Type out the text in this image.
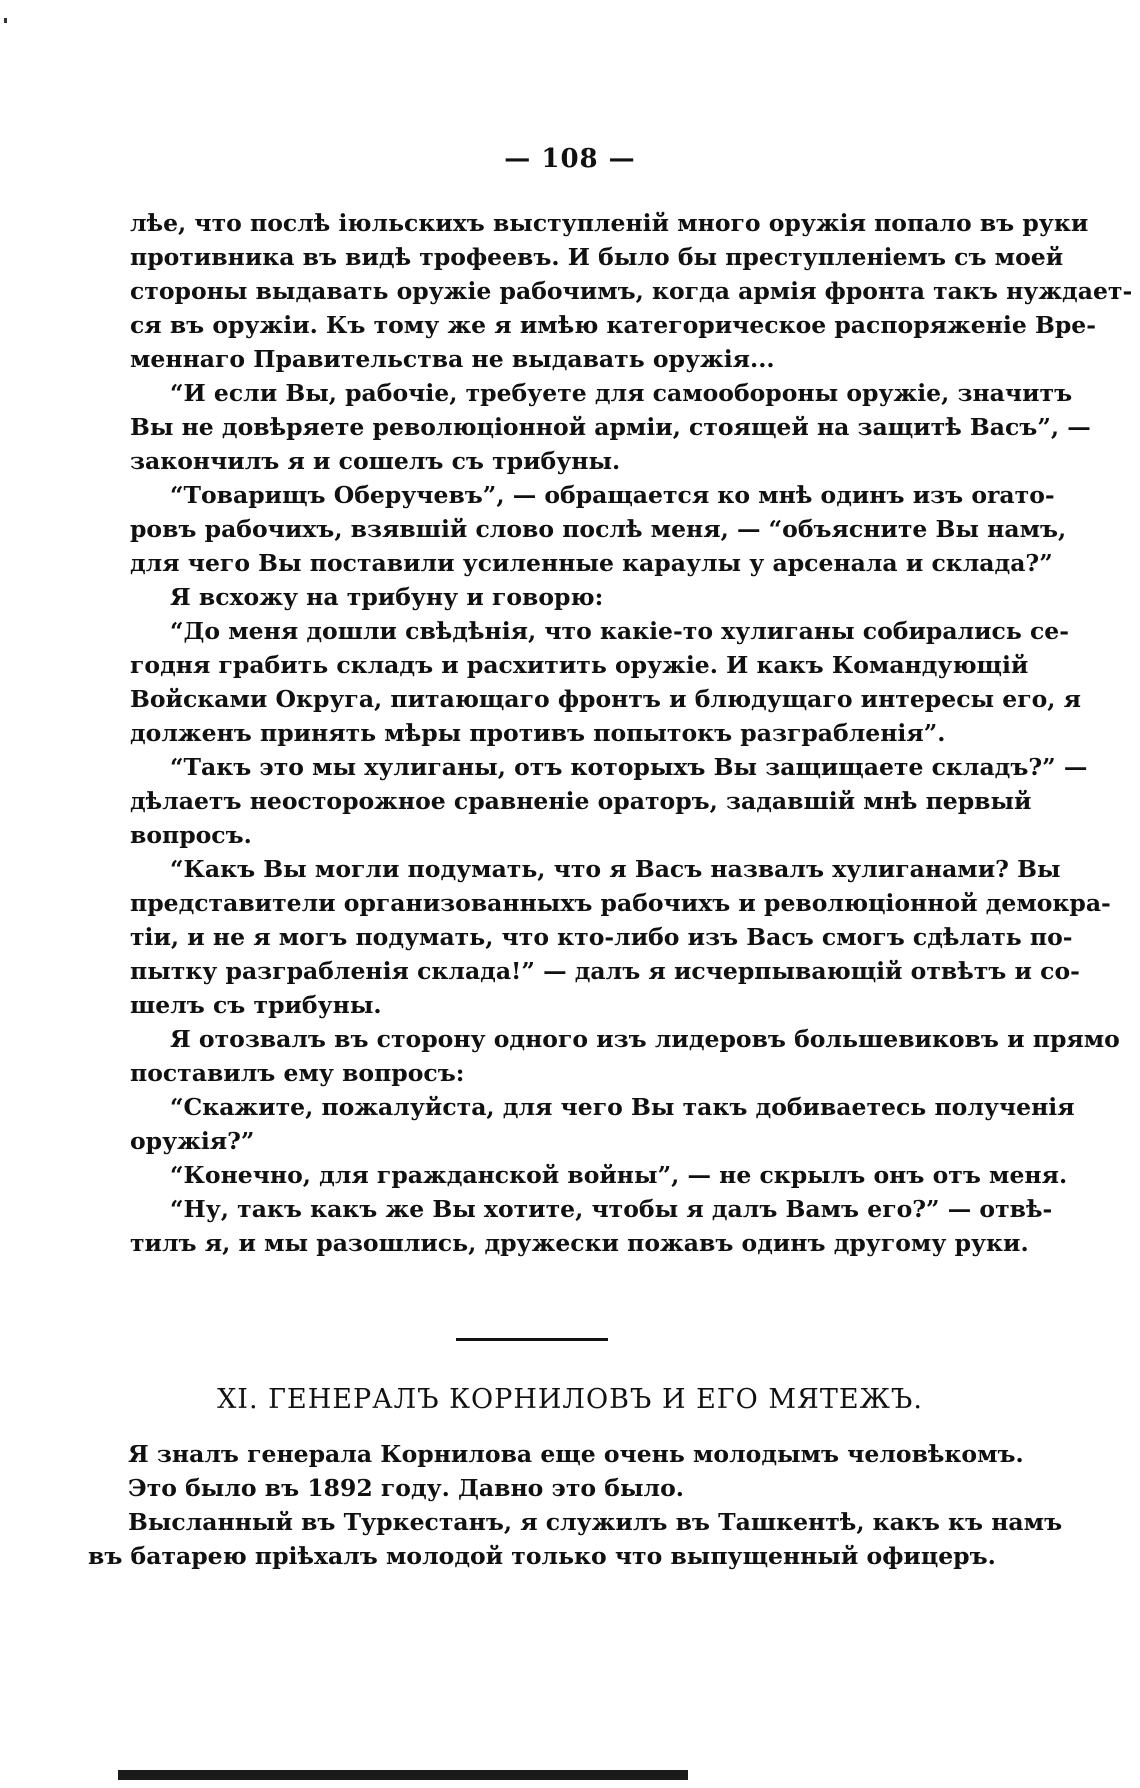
— 108 —
лѣе, что послѣ іюльскихъ выступленій много оружія попало въ руки
противника въ видѣ трофеевъ. И было бы преступленіемъ съ моей
стороны выдавать оружіе рабочимъ, когда армія фронта такъ нуждает-
ся въ оружіи. Къ тому же я имѣю категорическое распоряженіе Вре-
меннаго Правительства не выдавать оружія...
“И если Вы, рабочіе, требуете для самообороны оружіе, значитъ
Вы не довѣряете революціонной арміи, стоящей на защитѣ Васъ”, —
закончилъ я и сошелъ съ трибуны.
“Товарищъ Оберучевъ”, — обращается ко мнѣ одинъ изъ orато-
ровъ рабочихъ, взявшій слово послѣ меня, — “объясните Вы намъ,
для чего Вы поставили усиленные караулы у арсенала и склада?”
Я всхожу на трибуну и говорю:
“До меня дошли свѣдѣнія, что какіе-то хулиганы собирались се-
годня грабить складъ и расхитить оружіе. И какъ Командующій
Войсками Округа, питающаго фронтъ и блюдущаго интересы его, я
долженъ принять мѣры противъ попытокъ разграбленія”.
“Такъ это мы хулиганы, отъ которыхъ Вы защищаете складъ?” —
дѣлаетъ неосторожное сравненіе ораторъ, задавшій мнѣ первый
вопросъ.
“Какъ Вы могли подумать, что я Васъ назвалъ хулиганами? Вы
представители организованныхъ рабочихъ и революціонной демокра-
тіи, и не я могъ подумать, что кто-либо изъ Васъ смогъ сдѣлать по-
пытку разграбленія склада!” — далъ я исчерпывающій отвѣтъ и со-
шелъ съ трибуны.
Я отозвалъ въ сторону одного изъ лидеровъ большевиковъ и прямо
поставилъ ему вопросъ:
“Скажите, пожалуйста, для чего Вы такъ добиваетесь полученія
оружія?”
“Конечно, для гражданской войны”, — не скрылъ онъ отъ меня.
“Ну, такъ какъ же Вы хотите, чтобы я далъ Вамъ его?” — отвѣ-
тилъ я, и мы разошлись, дружески пожавъ одинъ другому руки.
XI. ГЕНЕРАЛЪ КОРНИЛОВЪ И ЕГО МЯТЕЖЪ.
Я зналъ генерала Корнилова еще очень молодымъ человѣкомъ.
Это было въ 1892 году. Давно это было.
Высланный въ Туркестанъ, я служилъ въ Ташкентѣ, какъ къ намъ
въ батарею пріѣхалъ молодой только что выпущенный офицеръ.
